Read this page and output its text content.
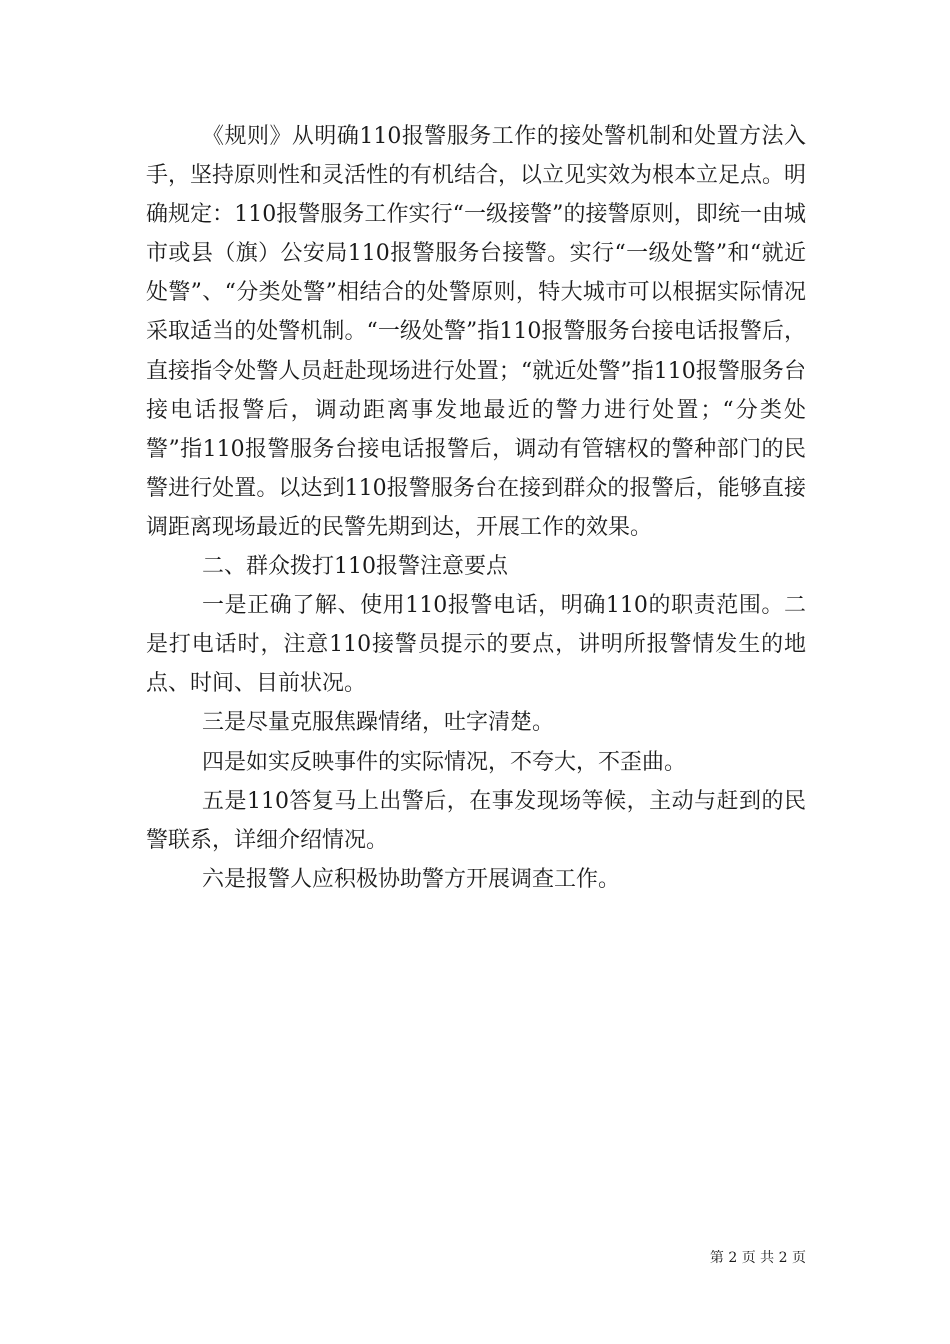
《规则》从明确110报警服务工作的接处警机制和处置方法入手，坚持原则性和灵活性的有机结合，以立见实效为根本立足点。明确规定：110报警服务工作实行“一级接警”的接警原则，即统一由城市或县（旗）公安局110报警服务台接警。实行“一级处警”和“就近处警”、“分类处警”相结合的处警原则，特大城市可以根据实际情况采取适当的处警机制。“一级处警”指110报警服务台接电话报警后，直接指令处警人员赶赴现场进行处置；“就近处警”指110报警服务台接电话报警后，调动距离事发地最近的警力进行处置；“分类处警”指110报警服务台接电话报警后，调动有管辖权的警种部门的民警进行处置。以达到110报警服务台在接到群众的报警后，能够直接调距离现场最近的民警先期到达，开展工作的效果。

二、群众拨打110报警注意要点

一是正确了解、使用110报警电话，明确110的职责范围。二是打电话时，注意110接警员提示的要点，讲明所报警情发生的地点、时间、目前状况。

三是尽量克服焦躁情绪，吐字清楚。

四是如实反映事件的实际情况，不夸大，不歪曲。

五是110答复马上出警后，在事发现场等候，主动与赶到的民警联系，详细介绍情况。

六是报警人应积极协助警方开展调查工作。

第 2 页 共 2 页
